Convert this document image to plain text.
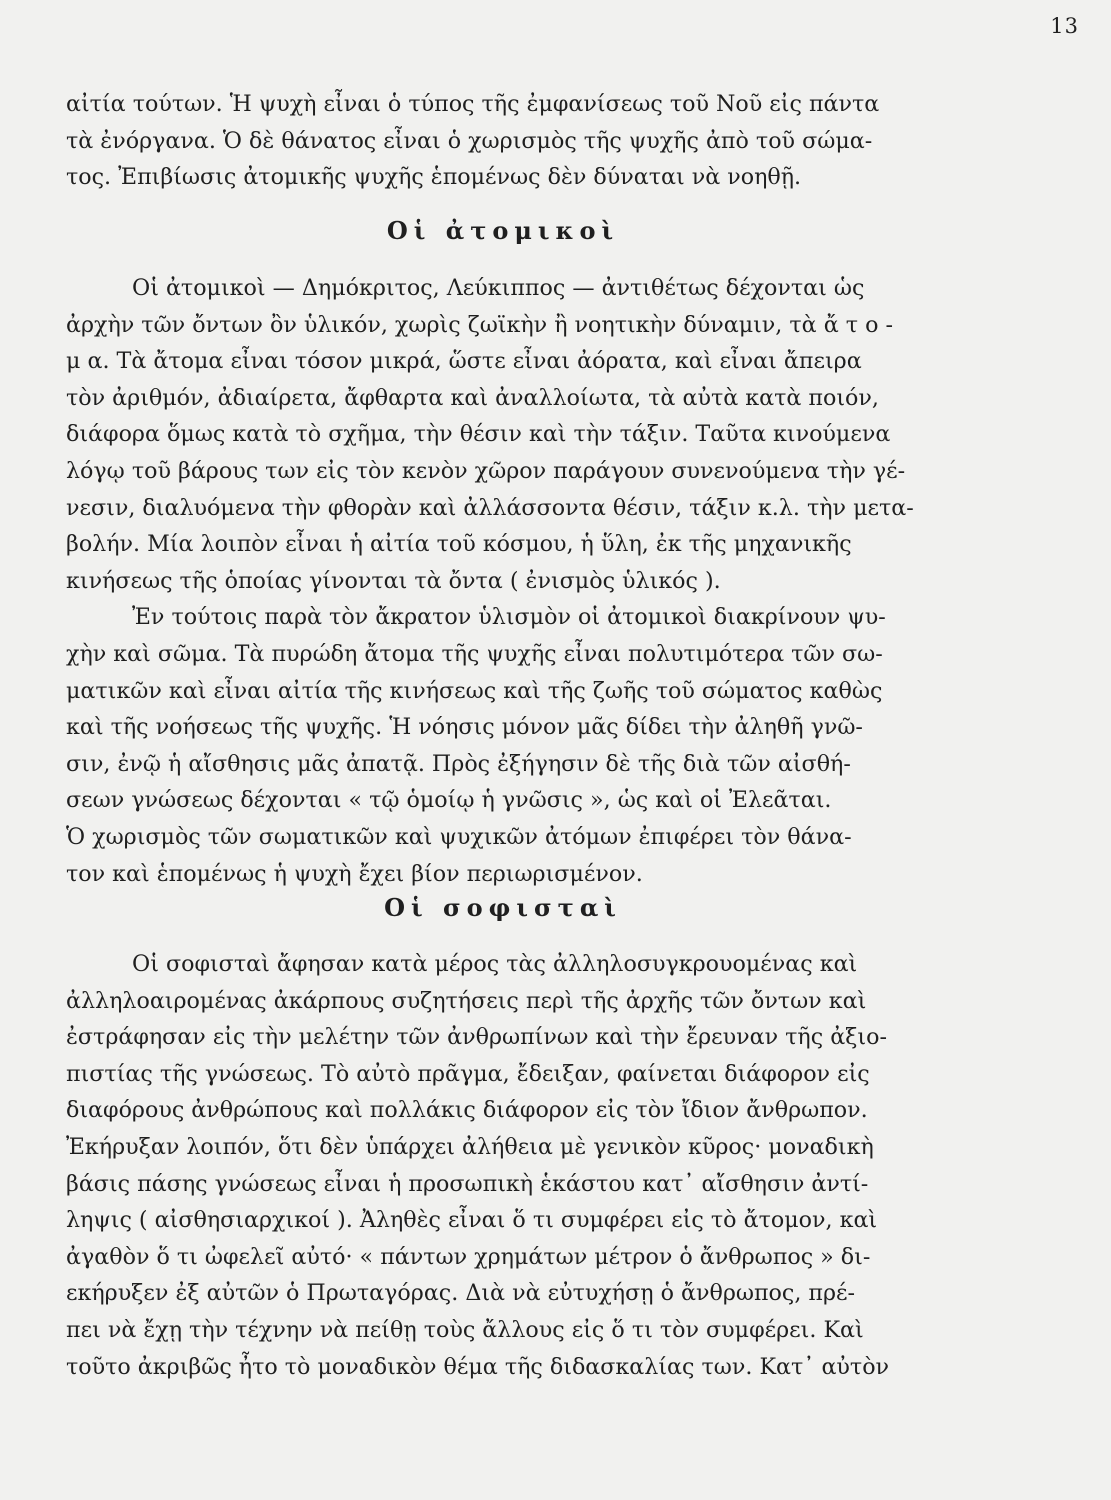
13
αἰτία τούτων. Ἡ ψυχὴ εἶναι ὁ τύπος τῆς ἐμφανίσεως τοῦ Νοῦ εἰς πάντα
τὰ ἐνόργανα. Ὁ δὲ θάνατος εἶναι ὁ χωρισμὸς τῆς ψυχῆς ἀπὸ τοῦ σώμα-
τος. Ἐπιβίωσις ἀτομικῆς ψυχῆς ἑπομένως δὲν δύναται νὰ νοηθῇ.
Οἱ ἀτομικοὶ
Οἱ ἀτομικοὶ — Δημόκριτος, Λεύκιππος — ἀντιθέτως δέχονται ὡς
ἀρχὴν τῶν ὄντων ὂν ὑλικόν, χωρὶς ζωϊκὴν ἢ νοητικὴν δύναμιν, τὰ ἄ τ ο -
μ α. Τὰ ἄτομα εἶναι τόσον μικρά, ὥστε εἶναι ἀόρατα, καὶ εἶναι ἄπειρα
τὸν ἀριθμόν, ἀδιαίρετα, ἄφθαρτα καὶ ἀναλλοίωτα, τὰ αὐτὰ κατὰ ποιόν,
διάφορα ὅμως κατὰ τὸ σχῆμα, τὴν θέσιν καὶ τὴν τάξιν. Ταῦτα κινούμενα
λόγῳ τοῦ βάρους των εἰς τὸν κενὸν χῶρον παράγουν συνενούμενα τὴν γέ-
νεσιν, διαλυόμενα τὴν φθορὰν καὶ ἀλλάσσοντα θέσιν, τάξιν κ.λ. τὴν μετα-
βολήν. Μία λοιπὸν εἶναι ἡ αἰτία τοῦ κόσμου, ἡ ὕλη, ἐκ τῆς μηχανικῆς
κινήσεως τῆς ὁποίας γίνονται τὰ ὄντα ( ἐνισμὸς ὑλικός ).
Ἐν τούτοις παρὰ τὸν ἄκρατον ὑλισμὸν οἱ ἀτομικοὶ διακρίνουν ψυ-
χὴν καὶ σῶμα. Τὰ πυρώδη ἄτομα τῆς ψυχῆς εἶναι πολυτιμότερα τῶν σω-
ματικῶν καὶ εἶναι αἰτία τῆς κινήσεως καὶ τῆς ζωῆς τοῦ σώματος καθὼς
καὶ τῆς νοήσεως τῆς ψυχῆς. Ἡ νόησις μόνον μᾶς δίδει τὴν ἀληθῆ γνῶ-
σιν, ἐνῷ ἡ αἴσθησις μᾶς ἀπατᾷ. Πρὸς ἐξήγησιν δὲ τῆς διὰ τῶν αἰσθή-
σεων γνώσεως δέχονται « τῷ ὁμοίῳ ἡ γνῶσις », ὡς καὶ οἱ Ἐλεᾶται.
Ὁ χωρισμὸς τῶν σωματικῶν καὶ ψυχικῶν ἀτόμων ἐπιφέρει τὸν θάνα-
τον καὶ ἑπομένως ἡ ψυχὴ ἔχει βίον περιωρισμένον.
Οἱ σοφισταὶ
Οἱ σοφισταὶ ἄφησαν κατὰ μέρος τὰς ἀλληλοσυγκρουομένας καὶ
ἀλληλοαιρομένας ἀκάρπους συζητήσεις περὶ τῆς ἀρχῆς τῶν ὄντων καὶ
ἐστράφησαν εἰς τὴν μελέτην τῶν ἀνθρωπίνων καὶ τὴν ἔρευναν τῆς ἀξιο-
πιστίας τῆς γνώσεως. Τὸ αὐτὸ πρᾶγμα, ἔδειξαν, φαίνεται διάφορον εἰς
διαφόρους ἀνθρώπους καὶ πολλάκις διάφορον εἰς τὸν ἴδιον ἄνθρωπον.
Ἐκήρυξαν λοιπόν, ὅτι δὲν ὑπάρχει ἀλήθεια μὲ γενικὸν κῦρος· μοναδικὴ
βάσις πάσης γνώσεως εἶναι ἡ προσωπικὴ ἑκάστου κατ᾽ αἴσθησιν ἀντί-
ληψις ( αἰσθησιαρχικοί ). Ἀληθὲς εἶναι ὅ τι συμφέρει εἰς τὸ ἄτομον, καὶ
ἀγαθὸν ὅ τι ὠφελεῖ αὐτό· « πάντων χρημάτων μέτρον ὁ ἄνθρωπος » δι-
εκήρυξεν ἐξ αὐτῶν ὁ Πρωταγόρας. Διὰ νὰ εὐτυχήσῃ ὁ ἄνθρωπος, πρέ-
πει νὰ ἔχῃ τὴν τέχνην νὰ πείθῃ τοὺς ἄλλους εἰς ὅ τι τὸν συμφέρει. Καὶ
τοῦτο ἀκριβῶς ἦτο τὸ μοναδικὸν θέμα τῆς διδασκαλίας των. Κατ᾽ αὐτὸν
